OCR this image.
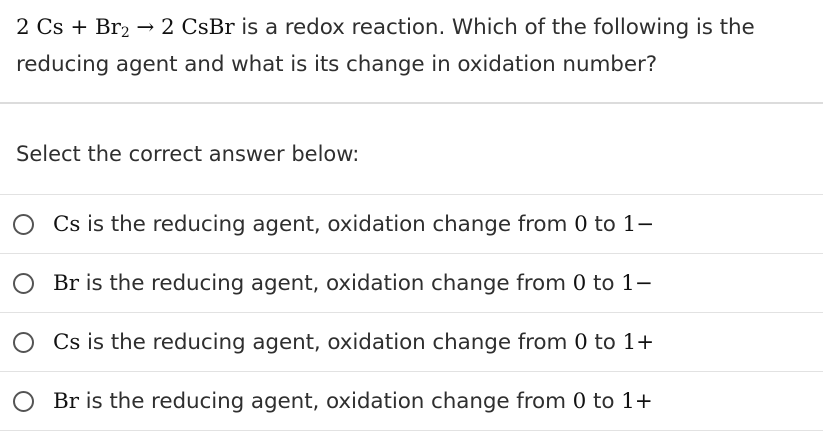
2 $Cs + Br_2 \to 2$ CsBr is a redox reaction. Which of the following is the
reducing agent and what is its change in oxidation number?
Select the correct answer below:
Cs is the reducing agent, oxidation change from 0 to 1−
Br is the reducing agent, oxidation change from 0 to 1−
Cs is the reducing agent, oxidation change from 0 to 1+
Br is the reducing agent, oxidation change from 0 to 1+
